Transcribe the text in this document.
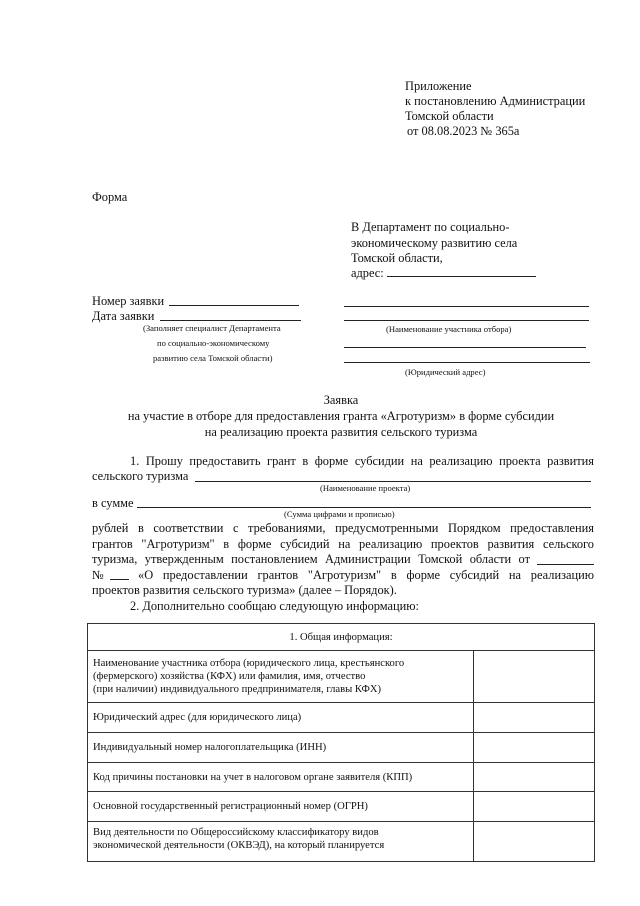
Приложение
к постановлению Администрации
Томской области
от 08.08.2023 № 365а
Форма
В Департамент по социально-
экономическому развитию села
Томской области,
адрес:
Номер заявки
Дата заявки
(Заполняет специалист Департамента
по социально-экономическому
развитию села Томской области)
(Наименование участника отбора)
(Юридический адрес)
Заявка
на участие в отборе для предоставления гранта «Агротуризм» в форме субсидии
на реализацию проекта развития сельского туризма
1. Прошу предоставить грант в форме субсидии на реализацию проекта развития
сельского туризма
(Наименование проекта)
в сумме
(Сумма цифрами и прописью)
рублей в соответствии с требованиями, предусмотренными Порядком предоставления
грантов "Агротуризм" в форме субсидий на реализацию проектов развития сельского
туризма, утвержденным постановлением Администрации Томской области от
№	«О предоставлении грантов "Агротуризм" в форме субсидий на реализацию
проектов развития сельского туризма» (далее – Порядок).
2. Дополнительно сообщаю следующую информацию:
1. Общая информация:	

Наименование участника отбора (юридического лица, крестьянского
(фермерского) хозяйства (КФХ) или фамилия, имя, отчество
(при наличии) индивидуального предпринимателя, главы КФХ)	

Юридический адрес (для юридического лица)	
Индивидуальный номер налогоплательщика (ИНН)	
Код причины постановки на учет в налоговом органе заявителя (КПП)	
Основной государственный регистрационный номер (ОГРН)	

Вид деятельности по Общероссийскому классификатору видов
экономической деятельности (ОКВЭД), на который планируется	
